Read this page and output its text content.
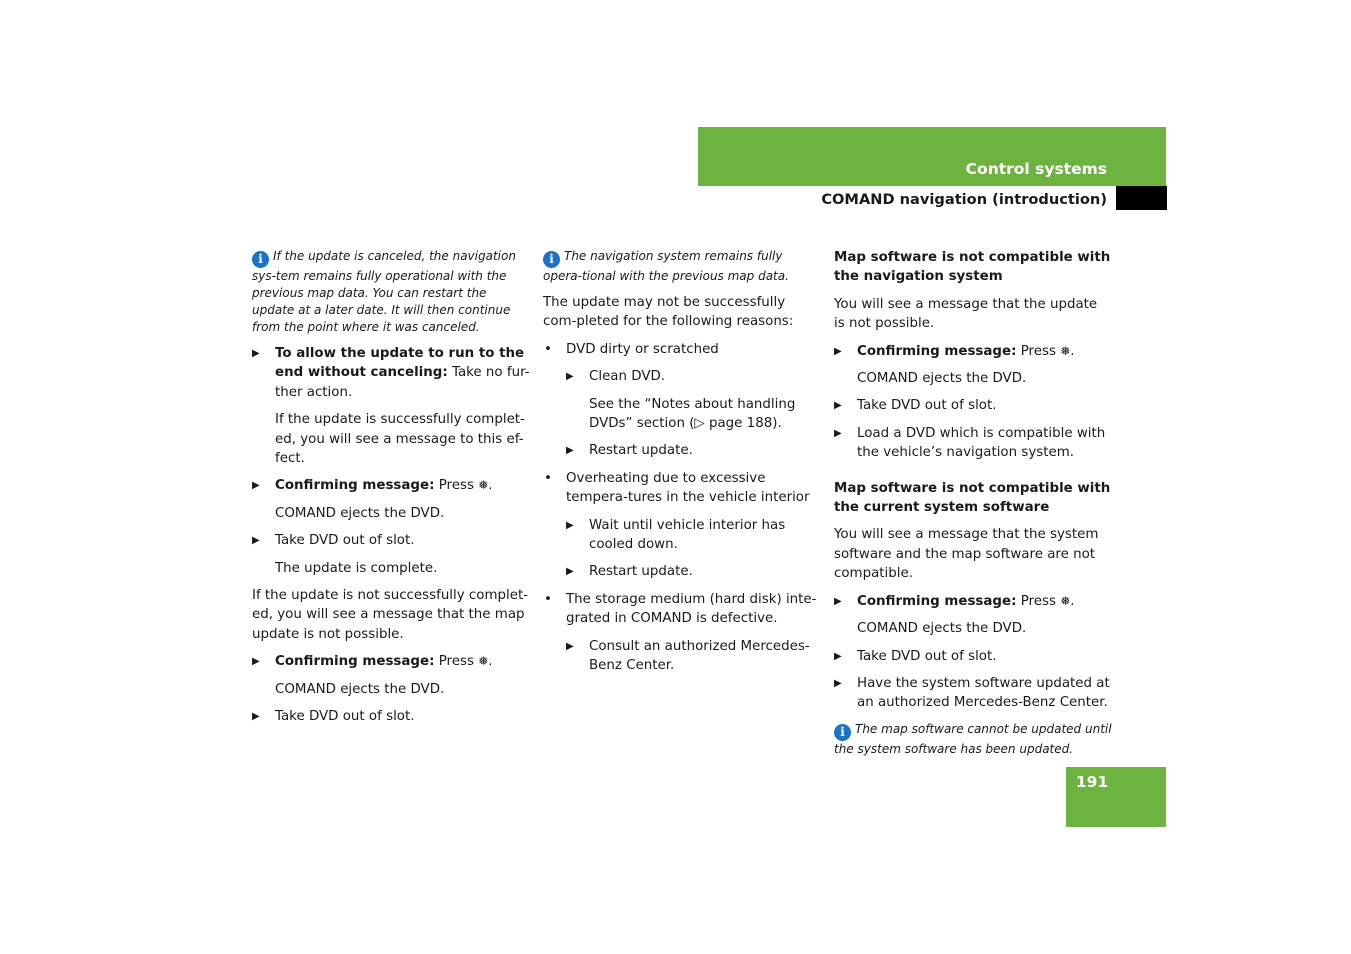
Control systems
COMAND navigation (introduction)
i If the update is canceled, the navigation sys-tem remains fully operational with the previous map data. You can restart the update at a later date. It will then continue from the point where it was canceled.
▶ To allow the update to run to the end without canceling: Take no fur-ther action.

If the update is successfully complet-ed, you will see a message to this ef-fect.

▶ Confirming message: Press ❅.

COMAND ejects the DVD.

▶ Take DVD out of slot.

The update is complete.

If the update is not successfully complet-ed, you will see a message that the map update is not possible.

▶ Confirming message: Press ❅.

COMAND ejects the DVD.

▶ Take DVD out of slot.
i The navigation system remains fully opera-tional with the previous map data.

The update may not be successfully com-pleted for the following reasons:

• DVD dirty or scratched
▶ Clean DVD.

See the “Notes about handling DVDs” section (▷ page 188).

▶ Restart update.
• Overheating due to excessive tempera-tures in the vehicle interior
▶ Wait until vehicle interior has cooled down.
▶ Restart update.
• The storage medium (hard disk) inte-grated in COMAND is defective.
▶ Consult an authorized Mercedes-Benz Center.

Map software is not compatible with the navigation system

You will see a message that the update is not possible.

▶ Confirming message: Press ❅.

COMAND ejects the DVD.

▶ Take DVD out of slot.
▶ Load a DVD which is compatible with the vehicle’s navigation system.

Map software is not compatible with the current system software

You will see a message that the system software and the map software are not compatible.

▶ Confirming message: Press ❅.

COMAND ejects the DVD.

▶ Take DVD out of slot.
▶ Have the system software updated at an authorized Mercedes-Benz Center.
i The map software cannot be updated until the system software has been updated.
191
